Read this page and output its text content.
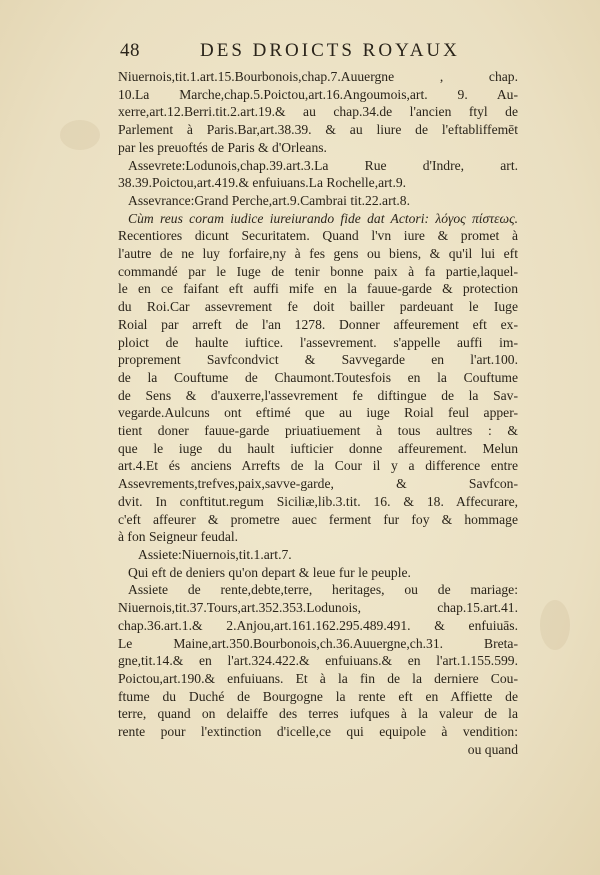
48	DES DROICTS ROYAUX
Niuernois,tit.1.art.15.Bourbonois,chap.7.Auuergne , chap.
10.La Marche,chap.5.Poictou,art.16.Angoumois,art. 9. Au-
xerre,art.12.Berri.tit.2.art.19.& au chap.34.de l'ancien ftyl de
Parlement à Paris.Bar,art.38.39. & au liure de l'eftabliffemēt
par les preuoftés de Paris & d'Orleans.
Assevrete:Lodunois,chap.39.art.3.La Rue d'Indre, art.
38.39.Poictou,art.419.& enfuiuans.La Rochelle,art.9.
Assevrance:Grand Perche,art.9.Cambrai tit.22.art.8.
Cùm reus coram iudice iureiurando fide dat Actori: λόγος πίστεως.
Recentiores dicunt Securitatem. Quand l'vn iure & promet à
l'autre de ne luy forfaire,ny à fes gens ou biens, & qu'il lui eft
commandé par le Iuge de tenir bonne paix à fa partie,laquel-
le en ce faifant eft auffi mife en la fauue-garde & protection
du Roi.Car assevrement fe doit bailler pardeuant le Iuge
Roial par arreft de l'an 1278. Donner affeurement eft ex-
ploict de haulte iuftice. l'assevrement. s'appelle auffi im-
proprement Savfcondvict & Savvegarde en l'art.100.
de la Couftume de Chaumont.Toutesfois en la Couftume
de Sens & d'auxerre,l'assevrement fe diftingue de la Sav-
vegarde.Aulcuns ont eftimé que au iuge Roial feul apper-
tient doner fauue-garde priuatiuement à tous aultres : &
que le iuge du hault iufticier donne affeurement. Melun
art.4.Et és anciens Arrefts de la Cour il y a difference entre
Assevrements,trefves,paix,savve-garde, & Savfcon-
dvit. In conftitut.regum Siciliæ,lib.3.tit. 16. & 18. Affecurare,
c'eft affeurer & prometre auec ferment fur foy & hommage
à fon Seigneur feudal.
Assiete:Niuernois,tit.1.art.7.
Qui eft de deniers qu'on depart & leue fur le peuple.
Assiete de rente,debte,terre, heritages, ou de mariage:
Niuernois,tit.37.Tours,art.352.353.Lodunois, chap.15.art.41.
chap.36.art.1.& 2.Anjou,art.161.162.295.489.491. & enfuiuās.
Le Maine,art.350.Bourbonois,ch.36.Auuergne,ch.31. Breta-
gne,tit.14.& en l'art.324.422.& enfuiuans.& en l'art.1.155.599.
Poictou,art.190.& enfuiuans. Et à la fin de la derniere Cou-
ftume du Duché de Bourgogne la rente eft en Affiette de
terre, quand on delaiffe des terres iufques à la valeur de la
rente pour l'extinction d'icelle,ce qui equipole à vendition:
ou quand
